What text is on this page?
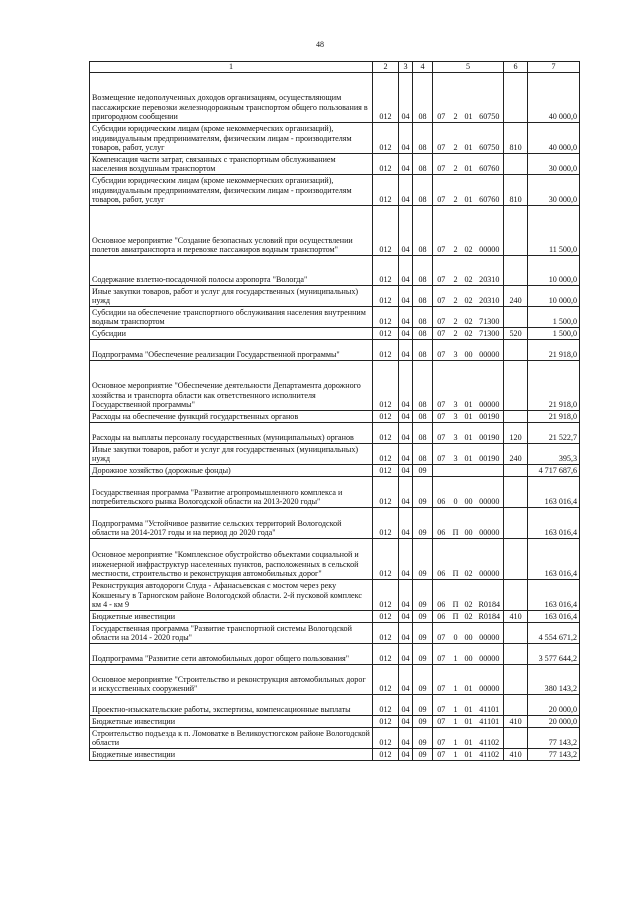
48
1	2	3	4	5				6	7
Возмещение недополученных доходов организациям, осуществляющим пассажирские перевозки железнодорожным транспортом общего пользования в пригородном сообщении	012	04	08	07	2	01	60750		40 000,0
Субсидии юридическим лицам (кроме некоммерческих организаций), индивидуальным предпринимателям, физическим лицам - производителям товаров, работ, услуг	012	04	08	07	2	01	60750	810	40 000,0
Компенсация части затрат, связанных с транспортным обслуживанием населения воздушным транспортом	012	04	08	07	2	01	60760		30 000,0
Субсидии юридическим лицам (кроме некоммерческих организаций), индивидуальным предпринимателям, физическим лицам - производителям товаров, работ, услуг	012	04	08	07	2	01	60760	810	30 000,0
Основное мероприятие "Создание безопасных условий при осуществлении полетов авиатранспорта и перевозке пассажиров водным транспортом"	012	04	08	07	2	02	00000		11 500,0
Содержание взлетно-посадочной полосы аэропорта "Вологда"	012	04	08	07	2	02	20310		10 000,0
Иные закупки товаров, работ и услуг для государственных (муниципальных) нужд	012	04	08	07	2	02	20310	240	10 000,0
Субсидии на обеспечение транспортного обслуживания населения внутренним водным транспортом	012	04	08	07	2	02	71300		1 500,0
Субсидии	012	04	08	07	2	02	71300	520	1 500,0
Подпрограмма "Обеспечение реализации Государственной программы"	012	04	08	07	3	00	00000		21 918,0
Основное мероприятие "Обеспечение деятельности Департамента дорожного хозяйства и транспорта области как ответственного исполнителя Государственной программы"	012	04	08	07	3	01	00000		21 918,0
Расходы на обеспечение функций государственных органов	012	04	08	07	3	01	00190		21 918,0
Расходы на выплаты персоналу государственных (муниципальных) органов	012	04	08	07	3	01	00190	120	21 522,7
Иные закупки товаров, работ и услуг для государственных (муниципальных) нужд	012	04	08	07	3	01	00190	240	395,3
Дорожное хозяйство (дорожные фонды)	012	04	09						4 717 687,6
Государственная программа "Развитие агропромышленного комплекса и потребительского рынка Вологодской области на 2013-2020 годы"	012	04	09	06	0	00	00000		163 016,4
Подпрограмма "Устойчивое развитие сельских территорий Вологодской области на 2014-2017 годы и на период до 2020 года"	012	04	09	06	П	00	00000		163 016,4
Основное мероприятие "Комплексное обустройство объектами социальной и инженерной инфраструктур населенных пунктов, расположенных в сельской местности, строительство и реконструкция автомобильных дорог"	012	04	09	06	П	02	00000		163 016,4
Реконструкция автодороги Слуда - Афанасьевская с мостом через реку Кокшеньгу в Тарногском районе Вологодской области. 2-й пусковой комплекс км 4 - км 9	012	04	09	06	П	02	R0184		163 016,4
Бюджетные инвестиции	012	04	09	06	П	02	R0184	410	163 016,4
Государственная программа "Развитие транспортной системы Вологодской области на 2014 - 2020 годы"	012	04	09	07	0	00	00000		4 554 671,2
Подпрограмма "Развитие сети автомобильных дорог общего пользования"	012	04	09	07	1	00	00000		3 577 644,2
Основное мероприятие "Строительство и реконструкция автомобильных дорог и искусственных сооружений"	012	04	09	07	1	01	00000		380 143,2
Проектно-изыскательские работы, экспертизы, компенсационные выплаты	012	04	09	07	1	01	41101		20 000,0
Бюджетные инвестиции	012	04	09	07	1	01	41101	410	20 000,0
Строительство подъезда к п. Ломоватке в Великоустюгском районе Вологодской области	012	04	09	07	1	01	41102		77 143,2
Бюджетные инвестиции	012	04	09	07	1	01	41102	410	77 143,2
